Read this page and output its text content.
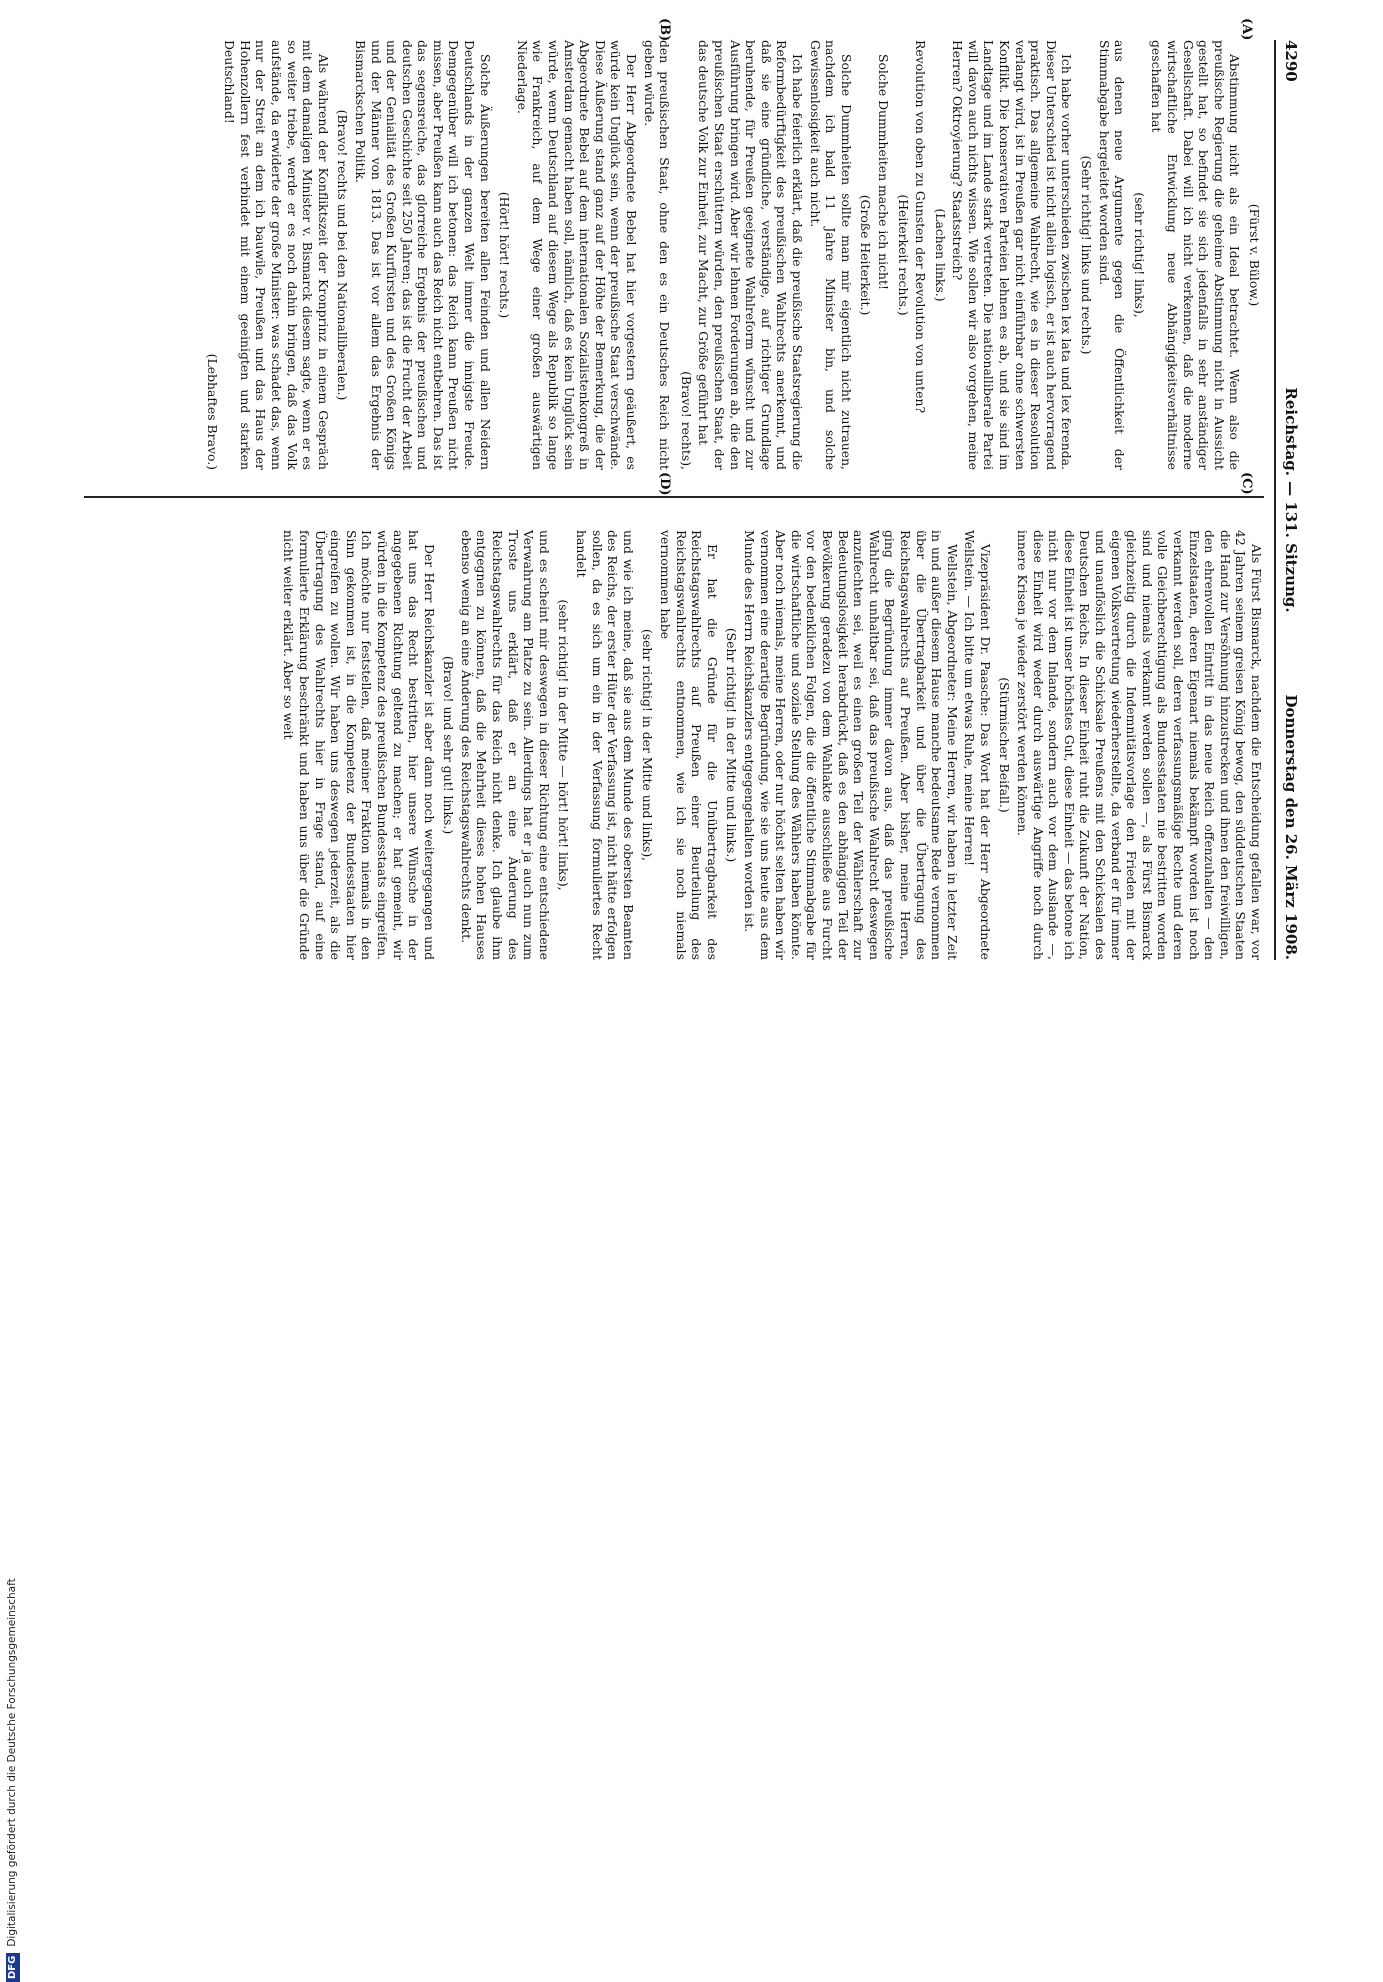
4290
Reichstag. — 131. Sitzung.
Donnerstag den 26. März 1908.
(A)
(B)
(C)
(D)
(Fürst v. Bülow.)
Abstimmung nicht als ein Ideal betrachtet. Wenn also die preußische Regierung die geheime Abstimmung nicht in Aussicht gestellt hat, so befindet sie sich jedenfalls in sehr anständiger Gesellschaft. Dabei will ich nicht verkennen, daß die moderne wirtschaftliche Entwicklung neue Abhängigkeitsverhältnisse geschaffen hat
(sehr richtig! links),
aus denen neue Argumente gegen die Öffentlichkeit der Stimmabgabe hergeleitet worden sind.
(Sehr richtig! links und rechts.)
Ich habe vorher unterschieden zwischen lex lata und lex ferenda. Dieser Unterschied ist nicht allein logisch, er ist auch hervorragend praktisch. Das allgemeine Wahlrecht, wie es in dieser Resolution verlangt wird, ist in Preußen gar nicht einführbar ohne schwersten Konflikt. Die konservativen Parteien lehnen es ab, und sie sind im Landtage und im Lande stark vertreten. Die nationalliberale Partei will davon auch nichts wissen. Wie sollen wir also vorgehen, meine Herren? Oktroyierung? Staatsstreich?
(Lachen links.)
Revolution von oben zu Gunsten der Revolution von unten?
(Heiterkeit rechts.)
Solche Dummheiten mache ich nicht!
(Große Heiterkeit.)
Solche Dummheiten sollte man mir eigentlich nicht zutrauen, nachdem ich bald 11 Jahre Minister bin, und solche Gewissenlosigkeit auch nicht.
Ich habe feierlich erklärt, daß die preußische Staatsregierung die Reformbedürftigkeit des preußischen Wahlrechts anerkennt, und daß sie eine gründliche, verständige, auf richtiger Grundlage beruhende, für Preußen geeignete Wahlreform wünscht und zur Ausführung bringen wird. Aber wir lehnen Forderungen ab, die den preußischen Staat erschüttern würden, den preußischen Staat, der das deutsche Volk zur Einheit, zur Macht, zur Größe geführt hat
(Bravo! rechts),
den preußischen Staat, ohne den es ein Deutsches Reich nicht geben würde.
Der Herr Abgeordnete Bebel hat hier vorgestern geäußert, es würde kein Unglück sein, wenn der preußische Staat verschwände. Diese Äußerung stand ganz auf der Höhe der Bemerkung, die der Abgeordnete Bebel auf dem internationalen Sozialistenkongreß in Amsterdam gemacht haben soll, nämlich, daß es kein Unglück sein würde, wenn Deutschland auf diesem Wege als Republik so lange wie Frankreich, auf dem Wege einer großen auswärtigen Niederlage.
(Hört! hört! rechts.)
Solche Äußerungen bereiten allen Feinden und allen Neidern Deutschlands in der ganzen Welt immer die innigste Freude. Demgegenüber will ich betonen: das Reich kann Preußen nicht missen, aber Preußen kann auch das Reich nicht entbehren. Das ist das segensreiche, das glorreiche Ergebnis der preußischen und deutschen Geschichte seit 250 Jahren; das ist die Frucht der Arbeit und der Genialität des Großen Kurfürsten und des Großen Königs und der Männer von 1813. Das ist vor allem das Ergebnis der Bismarckschen Politik.
(Bravo! rechts und bei den Nationalliberalen.)
Als während der Konfliktszeit der Kronprinz in einem Gespräch mit dem damaligen Minister v. Bismarck diesem sagte, wenn er es so weiter triebe, werde er es noch dahin bringen, daß das Volk aufstände, da erwiderte der große Minister: was schadet das, wenn nur der Streit an dem ich bauwile, Preußen und das Haus der Hohenzollern fest verbindet mit einem geeinigten und starken Deutschland!
(Lebhaftes Bravo.)
Als Fürst Bismarck, nachdem die Entscheidung gefallen war, vor 42 Jahren seinem greisen König bewog, den süddeutschen Staaten die Hand zur Versöhnung hinzustrecken und ihnen den freiwilligen, den ehrenvollen Eintritt in das neue Reich offenzuhalten — den Einzelstaaten, deren Eigenart niemals bekämpft worden ist noch verkannt werden soll, deren verfassungsmäßige Rechte und deren volle Gleichberechtigung als Bundesstaaten nie bestritten worden sind und niemals verkannt werden sollen —, als Fürst Bismarck gleichzeitig durch die Indemnitätsvorlage den Frieden mit der eigenen Volksvertretung wiederherstellte, da verband er für immer und unauflöslich die Schicksale Preußens mit den Schicksalen des Deutschen Reichs. In dieser Einheit ruht die Zukunft der Nation, diese Einheit ist unser höchstes Gut, diese Einheit — das betone ich nicht nur vor dem Inlande, sondern auch vor dem Auslande —, diese Einheit wird weder durch auswärtige Angriffe noch durch innere Krisen je wieder zerstört werden können.
(Stürmischer Beifall.)
Vizepräsident Dr. Paasche: Das Wort hat der Herr Abgeordnete Wellstein. — Ich bitte um etwas Ruhe, meine Herren!
Wellstein, Abgeordneter: Meine Herren, wir haben in letzter Zeit in und außer diesem Hause manche bedeutsame Rede vernommen über die Übertragbarkeit und über die Übertragung des Reichstagswahlrechts auf Preußen. Aber bisher, meine Herren, ging die Begründung immer davon aus, daß das preußische Wahlrecht unhaltbar sei, daß das preußische Wahlrecht deswegen anzufechten sei, weil es einen großen Teil der Wählerschaft zur Bedeutungslosigkeit herabdrückt, daß es den abhängigen Teil der Bevölkerung geradezu von dem Wahlakte ausschließe aus Furcht vor den bedenklichen Folgen, die die öffentliche Stimmabgabe für die wirtschaftliche und soziale Stellung des Wählers haben könnte. Aber noch niemals, meine Herren, oder nur höchst selten haben wir vernommen eine derartige Begründung, wie sie uns heute aus dem Munde des Herrn Reichskanzlers entgegengehalten worden ist.
(Sehr richtig! in der Mitte und links.)
Er hat die Gründe für die Unübertragbarkeit des Reichstagswahlrechts auf Preußen einer Beurteilung des Reichstagswahlrechts entnommen, wie ich sie noch niemals vernommen habe
(sehr richtig! in der Mitte und links),
und wie ich meine, daß sie aus dem Munde des obersten Beamten des Reichs, der erster Hüter der Verfassung ist, nicht hätte erfolgen sollen, da es sich um ein in der Verfassung formuliertes Recht handelt
(sehr richtig! in der Mitte — hört! hört! links),
und es scheint mir deswegen in dieser Richtung eine entschiedene Verwahrung am Platze zu sein. Allerdings hat er ja auch nun zum Troste uns erklärt, daß er an eine Änderung des Reichstagswahlrechts für das Reich nicht denke. Ich glaube ihm entgegnen zu können, daß die Mehrheit dieses hohen Hauses ebenso wenig an eine Änderung des Reichstagswahlrechts denkt.
(Bravo! und sehr gut! links.)
Der Herr Reichskanzler ist aber dann noch weitergegangen und hat uns das Recht bestritten, hier unsere Wünsche in der angegebenen Richtung geltend zu machen; er hat gemeint, wir würden in die Kompetenz des preußischen Bundesstaats eingreifen. Ich möchte nur feststellen, daß meiner Fraktion niemals in den Sinn gekommen ist, in die Kompetenz der Bundesstaaten hier eingreifen zu wollen. Wir haben uns deswegen jederzeit, als die Übertragung des Wahlrechts hier in Frage stand, auf eine formulierte Erklärung beschränkt und haben uns über die Gründe nicht weiter erklärt. Aber so weit
DFGDigitalisierung gefördert durch die Deutsche Forschungsgemeinschaft
